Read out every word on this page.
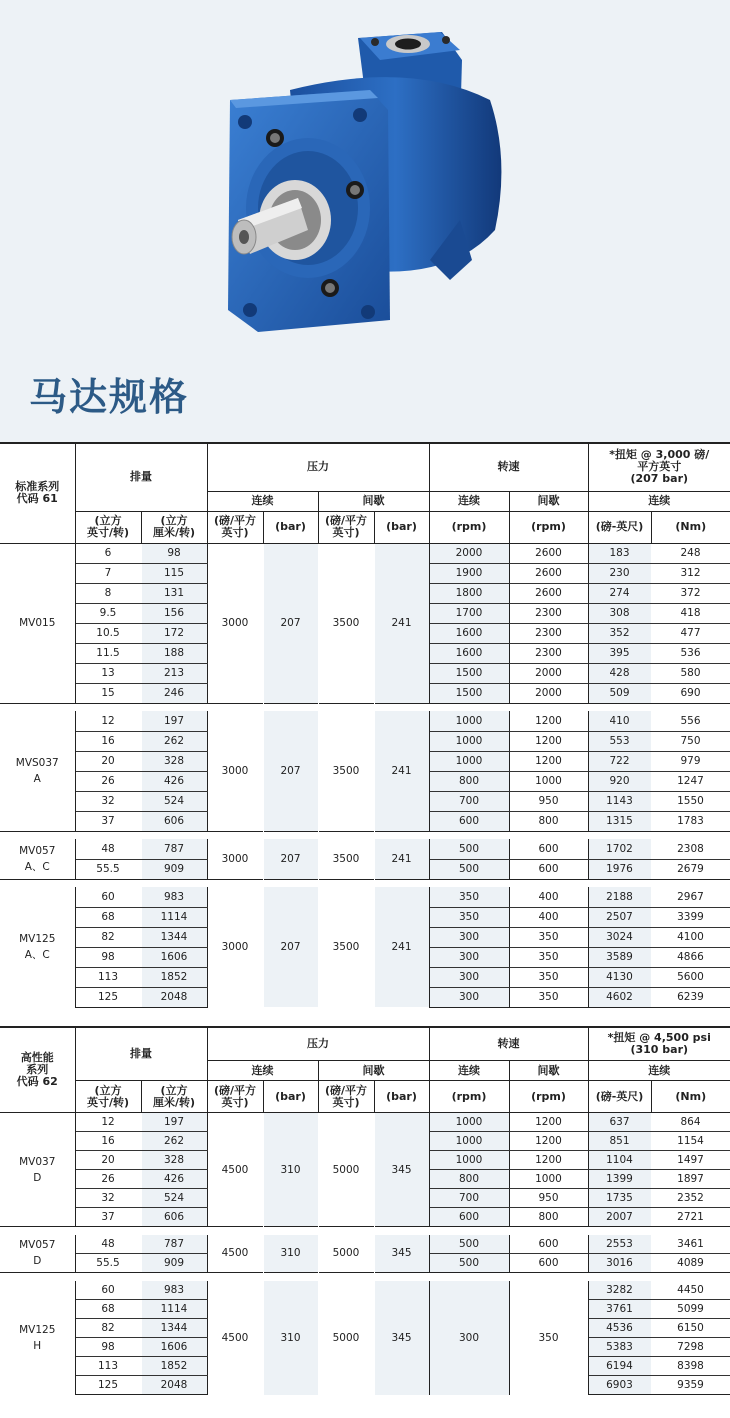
马达规格
标准系列
代码 61	排量		压力				转速		*扭矩 @ 3,000 磅/
平方英寸
(207 bar)	
			连续		间歇		连续	间歇	连续	
	(立方
英寸/转)	(立方
厘米/转)	(磅/平方
英寸)	(bar)	(磅/平方
英寸)	(bar)	(rpm)	(rpm)	(磅-英尺)	(Nm)
MV015	6	98	3000	207	3500	241	2000	2600	183	248
	7	115					1900	2600	230	312
	8	131					1800	2600	274	372
	9.5	156					1700	2300	308	418
	10.5	172					1600	2300	352	477
	11.5	188					1600	2300	395	536
	13	213					1500	2000	428	580
	15	246					1500	2000	509	690

MVS037
A	12	197	3000	207	3500	241	1000	1200	410	556
	16	262					1000	1200	553	750
	20	328					1000	1200	722	979
	26	426					800	1000	920	1247
	32	524					700	950	1143	1550
	37	606					600	800	1315	1783

MV057
A、C	48	787	3000	207	3500	241	500	600	1702	2308
	55.5	909					500	600	1976	2679

MV125
A、C	60	983	3000	207	3500	241	350	400	2188	2967
	68	1114					350	400	2507	3399
	82	1344					300	350	3024	4100
	98	1606					300	350	3589	4866
	113	1852					300	350	4130	5600
	125	2048					300	350	4602	6239
高性能
系列
代码 62	排量		压力				转速		*扭矩 @ 4,500 psi
(310 bar)	
			连续		间歇		连续	间歇	连续	
	(立方
英寸/转)	(立方
厘米/转)	(磅/平方
英寸)	(bar)	(磅/平方
英寸)	(bar)	(rpm)	(rpm)	(磅-英尺)	(Nm)
MV037
D	12	197	4500	310	5000	345	1000	1200	637	864
	16	262					1000	1200	851	1154
	20	328					1000	1200	1104	1497
	26	426					800	1000	1399	1897
	32	524					700	950	1735	2352
	37	606					600	800	2007	2721

MV057
D	48	787	4500	310	5000	345	500	600	2553	3461
	55.5	909					500	600	3016	4089

MV125
H	60	983	4500	310	5000	345	300	350	3282	4450
	68	1114							3761	5099
	82	1344							4536	6150
	98	1606							5383	7298
	113	1852							6194	8398
	125	2048							6903	9359
